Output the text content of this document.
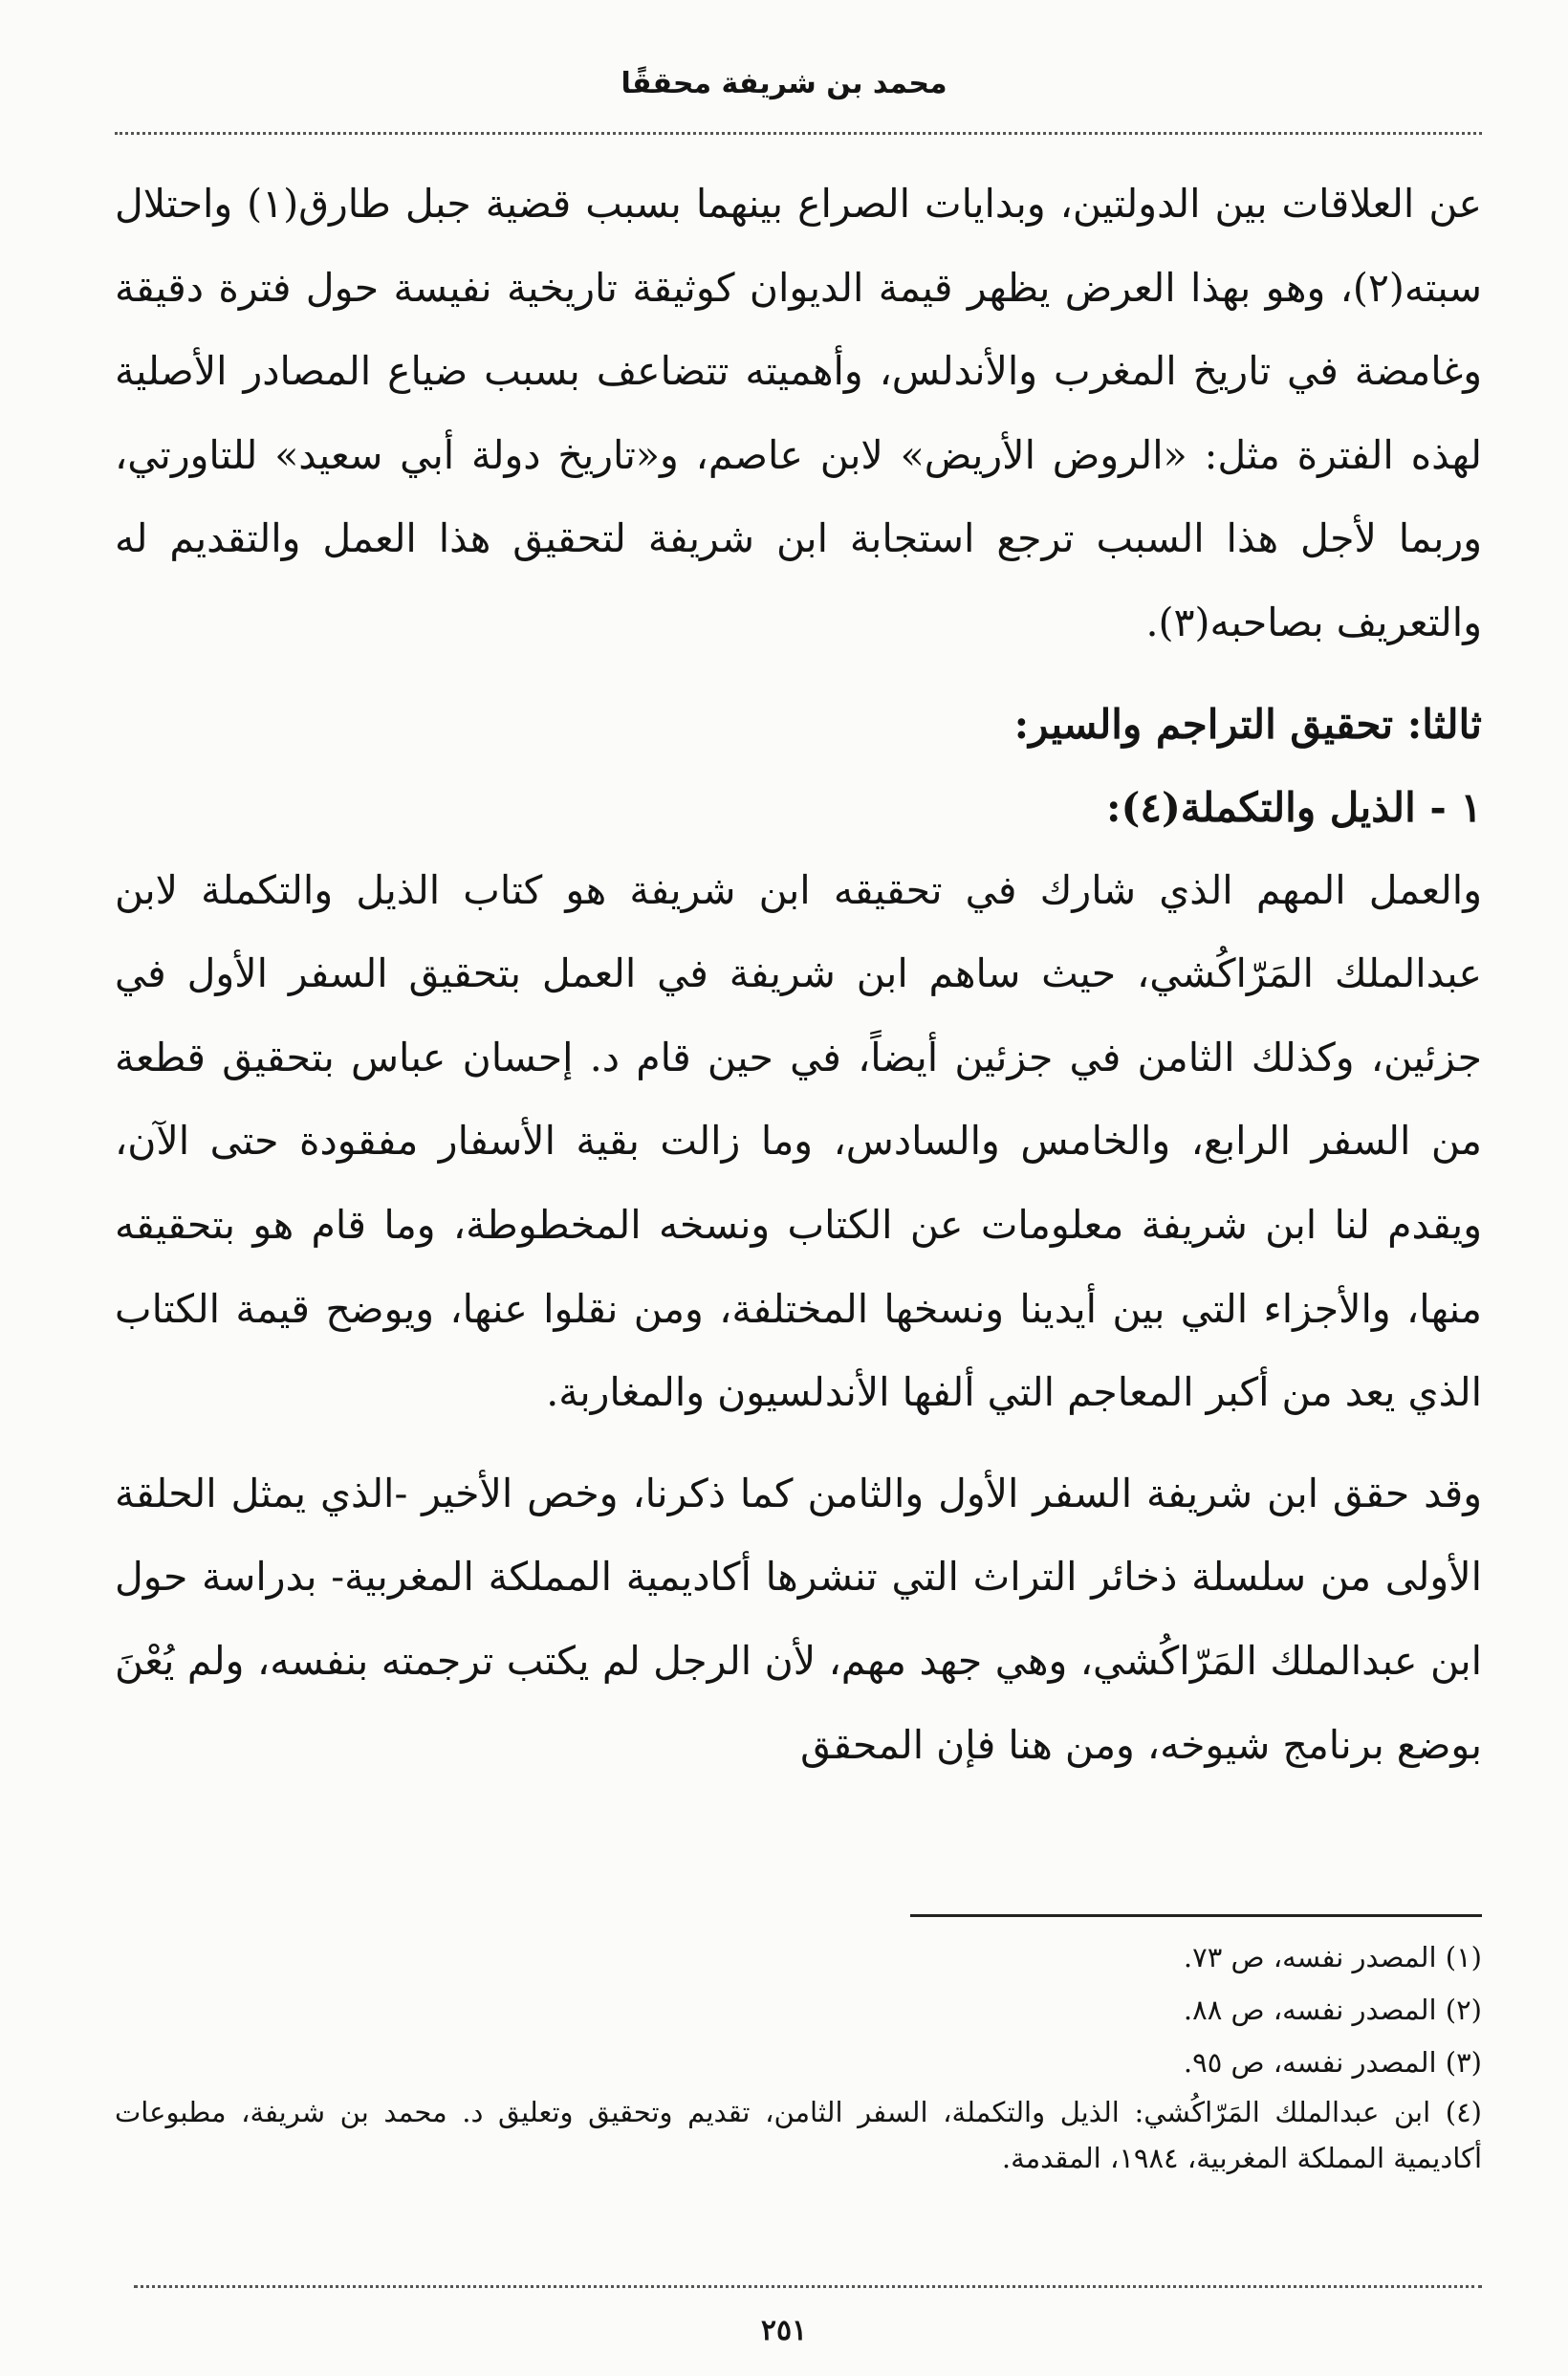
محمد بن شريفة محققًا

عن العلاقات بين الدولتين، وبدايات الصراع بينهما بسبب قضية جبل طارق(١) واحتلال سبته(٢)، وهو بهذا العرض يظهر قيمة الديوان كوثيقة تاريخية نفيسة حول فترة دقيقة وغامضة في تاريخ المغرب والأندلس، وأهميته تتضاعف بسبب ضياع المصادر الأصلية لهذه الفترة مثل: «الروض الأريض» لابن عاصم، و«تاريخ دولة أبي سعيد» للتاورتي، وربما لأجل هذا السبب ترجع استجابة ابن شريفة لتحقيق هذا العمل والتقديم له والتعريف بصاحبه(٣).

ثالثا: تحقيق التراجم والسير:

١ - الذيل والتكملة(٤):

والعمل المهم الذي شارك في تحقيقه ابن شريفة هو كتاب الذيل والتكملة لابن عبدالملك المَرّاكُشي، حيث ساهم ابن شريفة في العمل بتحقيق السفر الأول في جزئين، وكذلك الثامن في جزئين أيضاً، في حين قام د. إحسان عباس بتحقيق قطعة من السفر الرابع، والخامس والسادس، وما زالت بقية الأسفار مفقودة حتى الآن، ويقدم لنا ابن شريفة معلومات عن الكتاب ونسخه المخطوطة، وما قام هو بتحقيقه منها، والأجزاء التي بين أيدينا ونسخها المختلفة، ومن نقلوا عنها، ويوضح قيمة الكتاب الذي يعد من أكبر المعاجم التي ألفها الأندلسيون والمغاربة.

وقد حقق ابن شريفة السفر الأول والثامن كما ذكرنا، وخص الأخير -الذي يمثل الحلقة الأولى من سلسلة ذخائر التراث التي تنشرها أكاديمية المملكة المغربية- بدراسة حول ابن عبدالملك المَرّاكُشي، وهي جهد مهم، لأن الرجل لم يكتب ترجمته بنفسه، ولم يُعْنَ بوضع برنامج شيوخه، ومن هنا فإن المحقق

(١) المصدر نفسه، ص ٧٣.

(٢) المصدر نفسه، ص ٨٨.

(٣) المصدر نفسه، ص ٩٥.

(٤) ابن عبدالملك المَرّاكُشي: الذيل والتكملة، السفر الثامن، تقديم وتحقيق وتعليق د. محمد بن شريفة، مطبوعات أكاديمية المملكة المغربية، ١٩٨٤، المقدمة.

٢٥١
